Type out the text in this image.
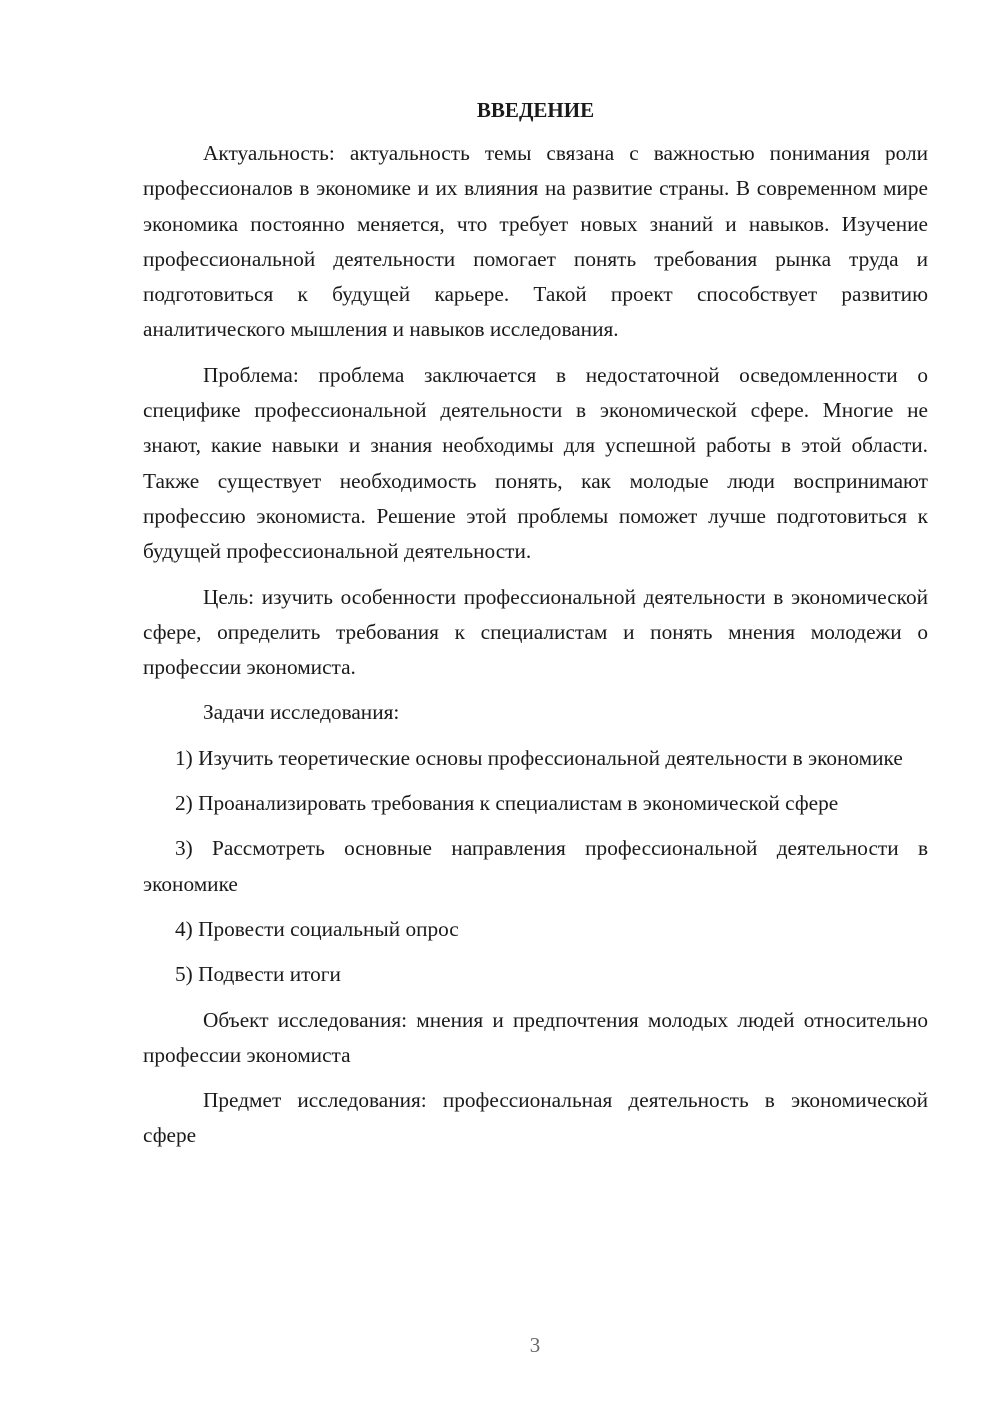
ВВЕДЕНИЕ

Актуальность: актуальность темы связана с важностью понимания роли профессионалов в экономике и их влияния на развитие страны. В современном мире экономика постоянно меняется, что требует новых знаний и навыков. Изучение профессиональной деятельности помогает понять требования рынка труда и подготовиться к будущей карьере. Такой проект способствует развитию аналитического мышления и навыков исследования.

Проблема: проблема заключается в недостаточной осведомленности о специфике профессиональной деятельности в экономической сфере. Многие не знают, какие навыки и знания необходимы для успешной работы в этой области. Также существует необходимость понять, как молодые люди воспринимают профессию экономиста. Решение этой проблемы поможет лучше подготовиться к будущей профессиональной деятельности.

Цель: изучить особенности профессиональной деятельности в экономической сфере, определить требования к специалистам и понять мнения молодежи о профессии экономиста.

Задачи исследования:

1) Изучить теоретические основы профессиональной деятельности в экономике

2) Проанализировать требования к специалистам в экономической сфере

3) Рассмотреть основные направления профессиональной деятельности в экономике

4) Провести социальный опрос

5) Подвести итоги

Объект исследования: мнения и предпочтения молодых людей относительно профессии экономиста

Предмет исследования: профессиональная деятельность в экономической сфере

3
